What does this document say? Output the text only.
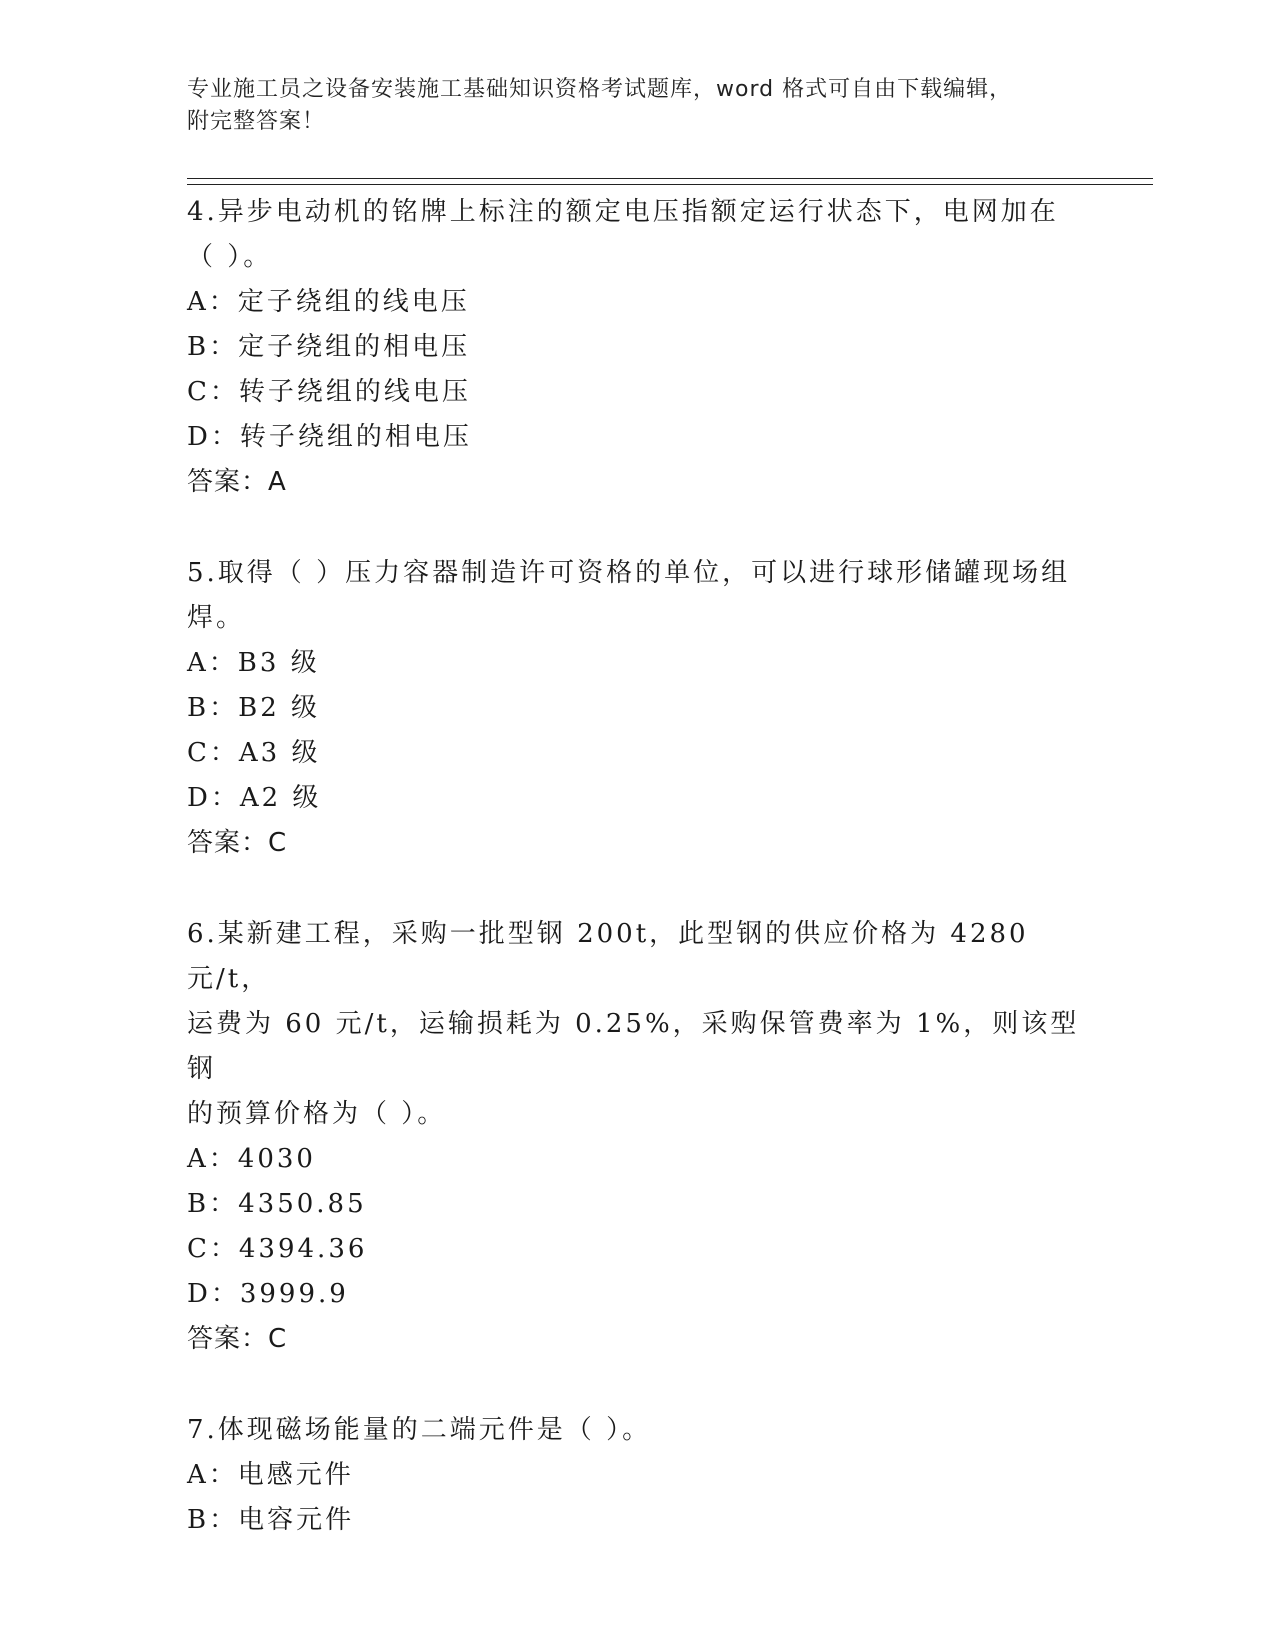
专业施工员之设备安装施工基础知识资格考试题库，word 格式可自由下载编辑，
附完整答案！

4.异步电动机的铭牌上标注的额定电压指额定运行状态下，电网加在

（ ）。

A：定子绕组的线电压

B：定子绕组的相电压

C：转子绕组的线电压

D：转子绕组的相电压

答案：A

5.取得（ ）压力容器制造许可资格的单位，可以进行球形储罐现场组

焊。

A：B3 级

B：B2 级

C：A3 级

D：A2 级

答案：C

6.某新建工程，采购一批型钢 200t，此型钢的供应价格为 4280 元/t，

运费为 60 元/t，运输损耗为 0.25%，采购保管费率为 1%，则该型钢

的预算价格为（ ）。

A：4030

B：4350.85

C：4394.36

D：3999.9

答案：C

7.体现磁场能量的二端元件是（ ）。

A：电感元件

B：电容元件
